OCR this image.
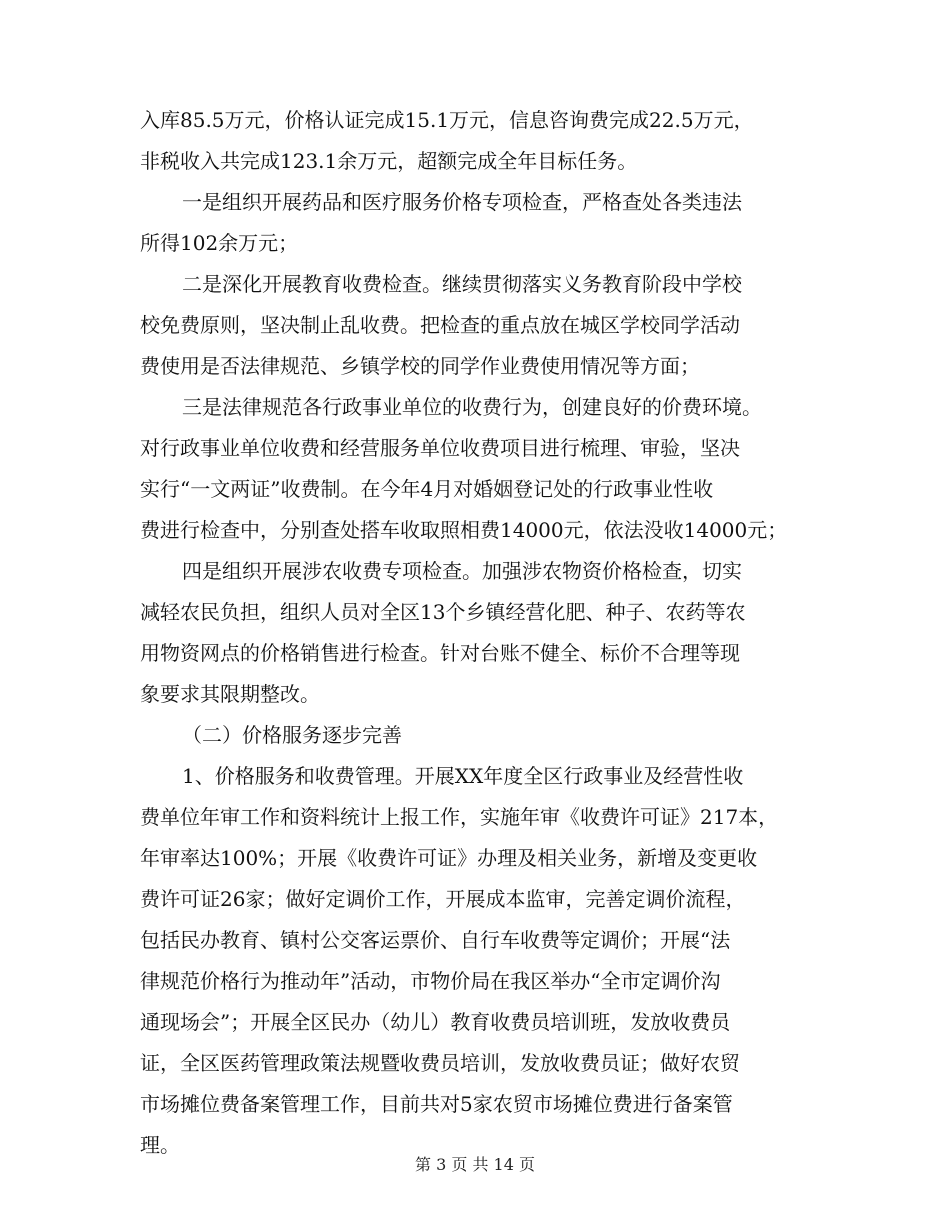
入库85.5万元，价格认证完成15.1万元，信息咨询费完成22.5万元，
非税收入共完成123.1余万元，超额完成全年目标任务。
一是组织开展药品和医疗服务价格专项检查，严格查处各类违法
所得102余万元；
二是深化开展教育收费检查。继续贯彻落实义务教育阶段中学校
校免费原则，坚决制止乱收费。把检查的重点放在城区学校同学活动
费使用是否法律规范、乡镇学校的同学作业费使用情况等方面；
三是法律规范各行政事业单位的收费行为，创建良好的价费环境。
对行政事业单位收费和经营服务单位收费项目进行梳理、审验，坚决
实行“一文两证”收费制。在今年4月对婚姻登记处的行政事业性收
费进行检查中，分别查处搭车收取照相费14000元，依法没收14000元；
四是组织开展涉农收费专项检查。加强涉农物资价格检查，切实
减轻农民负担，组织人员对全区13个乡镇经营化肥、种子、农药等农
用物资网点的价格销售进行检查。针对台账不健全、标价不合理等现
象要求其限期整改。
（二）价格服务逐步完善
1、价格服务和收费管理。开展XX年度全区行政事业及经营性收
费单位年审工作和资料统计上报工作，实施年审《收费许可证》217本，
年审率达100%；开展《收费许可证》办理及相关业务，新增及变更收
费许可证26家；做好定调价工作，开展成本监审，完善定调价流程，
包括民办教育、镇村公交客运票价、自行车收费等定调价；开展“法
律规范价格行为推动年”活动，市物价局在我区举办“全市定调价沟
通现场会”；开展全区民办（幼儿）教育收费员培训班，发放收费员
证，全区医药管理政策法规暨收费员培训，发放收费员证；做好农贸
市场摊位费备案管理工作，目前共对5家农贸市场摊位费进行备案管
理。
第 3 页 共 14 页
